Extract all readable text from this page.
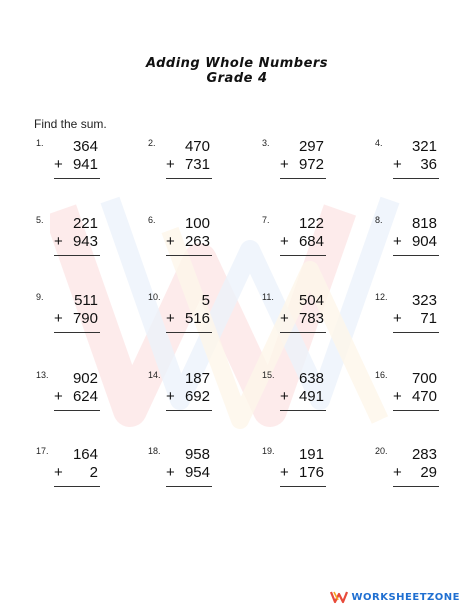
Adding Whole Numbers
Grade 4
Find the sum.
1. 364
+ 941
2. 470
+ 731
3. 297
+ 972
4. 321
+ 36
5. 221
+ 943
6. 100
+ 263
7. 122
+ 684
8. 818
+ 904
9. 511
+ 790
10.	5
+ 516
11. 504
+ 783
12. 323
+ 71
13. 902
+ 624
14. 187
+ 692
15. 638
+ 491
16. 700
+ 470
17. 164
+ 2
18. 958
+ 954
19. 191
+ 176
20. 283
+ 29
WORKSHEETZONE
